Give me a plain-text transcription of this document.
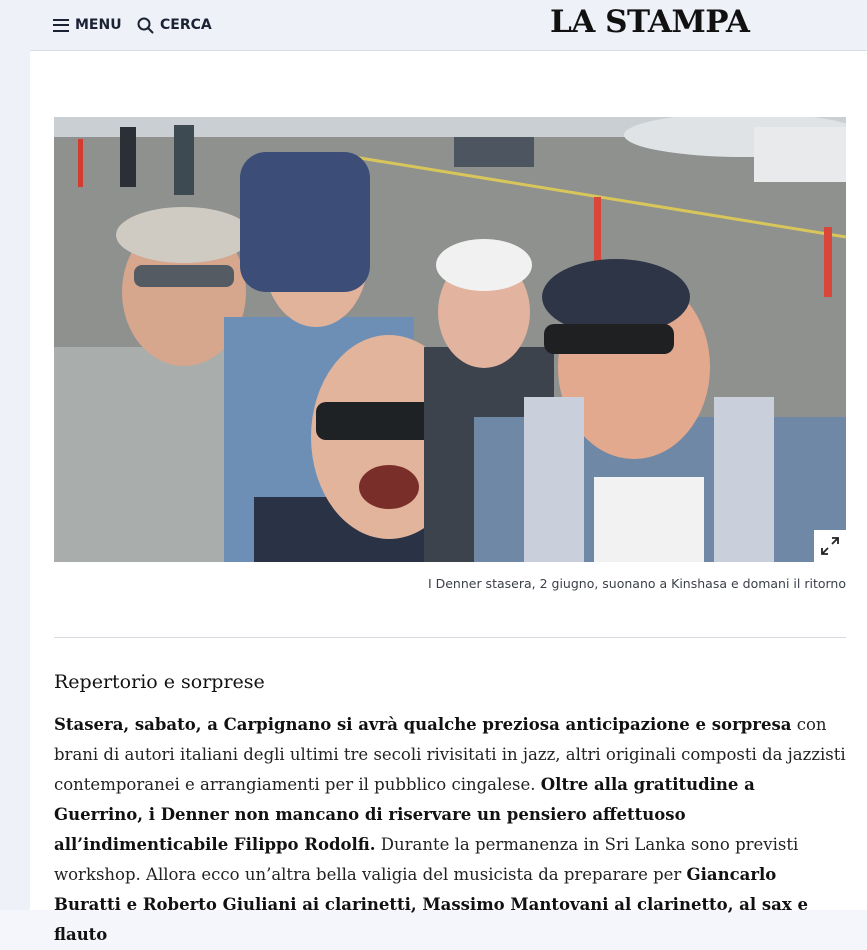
MENU	CERCA	LA STAMPA
I Denner stasera, 2 giugno, suonano a Kinshasa e domani il ritorno
Repertorio e sorprese
Stasera, sabato, a Carpignano si avrà qualche preziosa anticipazione e sorpresa con brani di autori italiani degli ultimi tre secoli rivisitati in jazz, altri originali composti da jazzisti contemporanei e arrangiamenti per il pubblico cingalese. Oltre alla gratitudine a Guerrino, i Denner non mancano di riservare un pensiero affettuoso all’indimenticabile Filippo Rodolfi. Durante la permanenza in Sri Lanka sono previsti workshop. Allora ecco un’altra bella valigia del musicista da preparare per Giancarlo Buratti e Roberto Giuliani ai clarinetti, Massimo Mantovani al clarinetto, al sax e flauto
